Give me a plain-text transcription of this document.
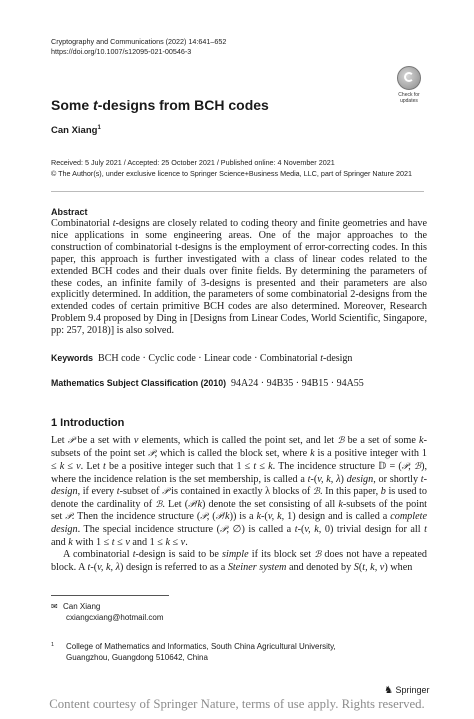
Cryptography and Communications (2022) 14:641–652
https://doi.org/10.1007/s12095-021-00546-3
Check for
updates
Some t-designs from BCH codes
Can Xiang$^1$
Received: 5 July 2021 / Accepted: 25 October 2021 / Published online: 4 November 2021
© The Author(s), under exclusive licence to Springer Science+Business Media, LLC, part of Springer Nature 2021
Abstract
Combinatorial t-designs are closely related to coding theory and finite geometries and have nice applications in some engineering areas. One of the major approaches to the construction of combinatorial t-designs is the employment of error-correcting codes. In this paper, this approach is further investigated with a class of linear codes related to the extended BCH codes and their duals over finite fields. By determining the parameters of these codes, an infinite family of 3-designs is presented and their parameters are also explicitly determined. In addition, the parameters of some combinatorial 2-designs from the extended codes of certain primitive BCH codes are also determined. Moreover, Research Problem 9.4 proposed by Ding in [Designs from Linear Codes, World Scientific, Singapore, pp: 257, 2018)] is also solved.
Keywords BCH code · Cyclic code · Linear code · Combinatorial t-design
Mathematics Subject Classification (2010) 94A24 · 94B35 · 94B15 · 94A55
1 Introduction

Let 𝒫 be a set with v elements, which is called the point set, and let ℬ be a set of some k-subsets of the point set 𝒫, which is called the block set, where k is a positive integer with 1 ≤ k ≤ v. Let t be a positive integer such that 1 ≤ t ≤ k. The incidence structure 𝔻 = (𝒫, ℬ), where the incidence relation is the set membership, is called a t-(v, k, λ) design, or shortly t-design, if every t-subset of 𝒫 is contained in exactly λ blocks of ℬ. In this paper, b is used to denote the cardinality of ℬ. Let (𝒫/k) denote the set consisting of all k-subsets of the point set 𝒫. Then the incidence structure (𝒫, (𝒫/k)) is a k-(v, k, 1) design and is called a complete design. The special incidence structure (𝒫, ∅) is called a t-(v, k, 0) trivial design for all t and k with 1 ≤ t ≤ v and 1 ≤ k ≤ v.

A combinatorial t-design is said to be simple if its block set ℬ does not have a repeated block. A t-(v, k, λ) design is referred to as a Steiner system and denoted by S(t, k, v) when

✉ Can Xiang
cxiangcxiang@hotmail.com
1	College of Mathematics and Informatics, South China Agricultural University, Guangzhou, Guangdong 510642, China
♞ Springer
Content courtesy of Springer Nature, terms of use apply. Rights reserved.
